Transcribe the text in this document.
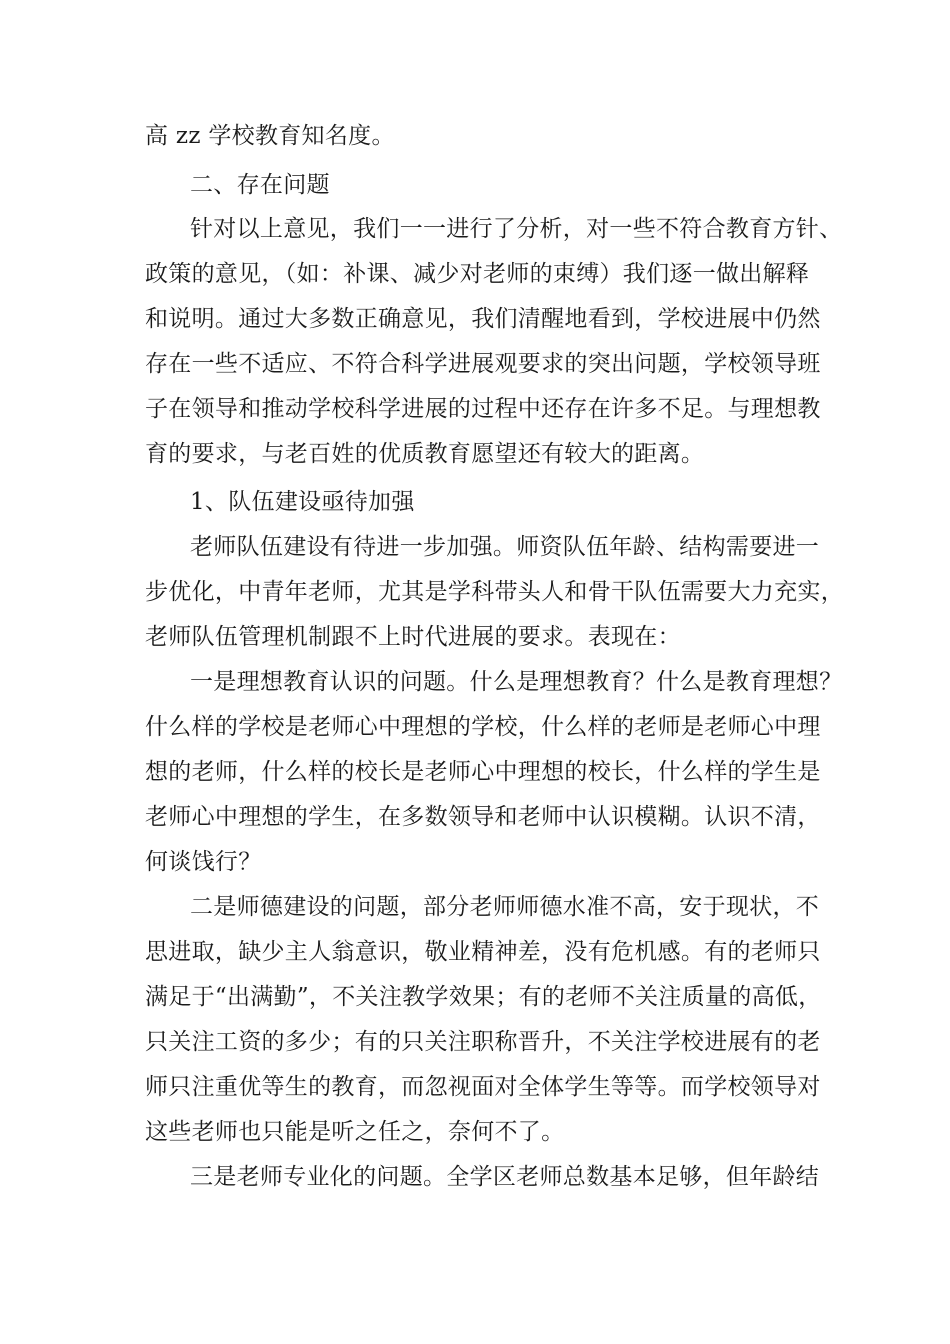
高 zz 学校教育知名度。
二、存在问题
针对以上意见，我们一一进行了分析，对一些不符合教育方针、
政策的意见，（如：补课、减少对老师的束缚）我们逐一做出解释
和说明。通过大多数正确意见，我们清醒地看到，学校进展中仍然
存在一些不适应、不符合科学进展观要求的突出问题，学校领导班
子在领导和推动学校科学进展的过程中还存在许多不足。与理想教
育的要求，与老百姓的优质教育愿望还有较大的距离。
1、队伍建设亟待加强
老师队伍建设有待进一步加强。师资队伍年龄、结构需要进一
步优化，中青年老师，尤其是学科带头人和骨干队伍需要大力充实，
老师队伍管理机制跟不上时代进展的要求。表现在：
一是理想教育认识的问题。什么是理想教育？什么是教育理想？
什么样的学校是老师心中理想的学校，什么样的老师是老师心中理
想的老师，什么样的校长是老师心中理想的校长，什么样的学生是
老师心中理想的学生，在多数领导和老师中认识模糊。认识不清，
何谈饯行？
二是师德建设的问题，部分老师师德水准不高，安于现状，不
思进取，缺少主人翁意识，敬业精神差，没有危机感。有的老师只
满足于“出满勤”，不关注教学效果；有的老师不关注质量的高低，
只关注工资的多少；有的只关注职称晋升，不关注学校进展有的老
师只注重优等生的教育，而忽视面对全体学生等等。而学校领导对
这些老师也只能是听之任之，奈何不了。
三是老师专业化的问题。全学区老师总数基本足够，但年龄结
